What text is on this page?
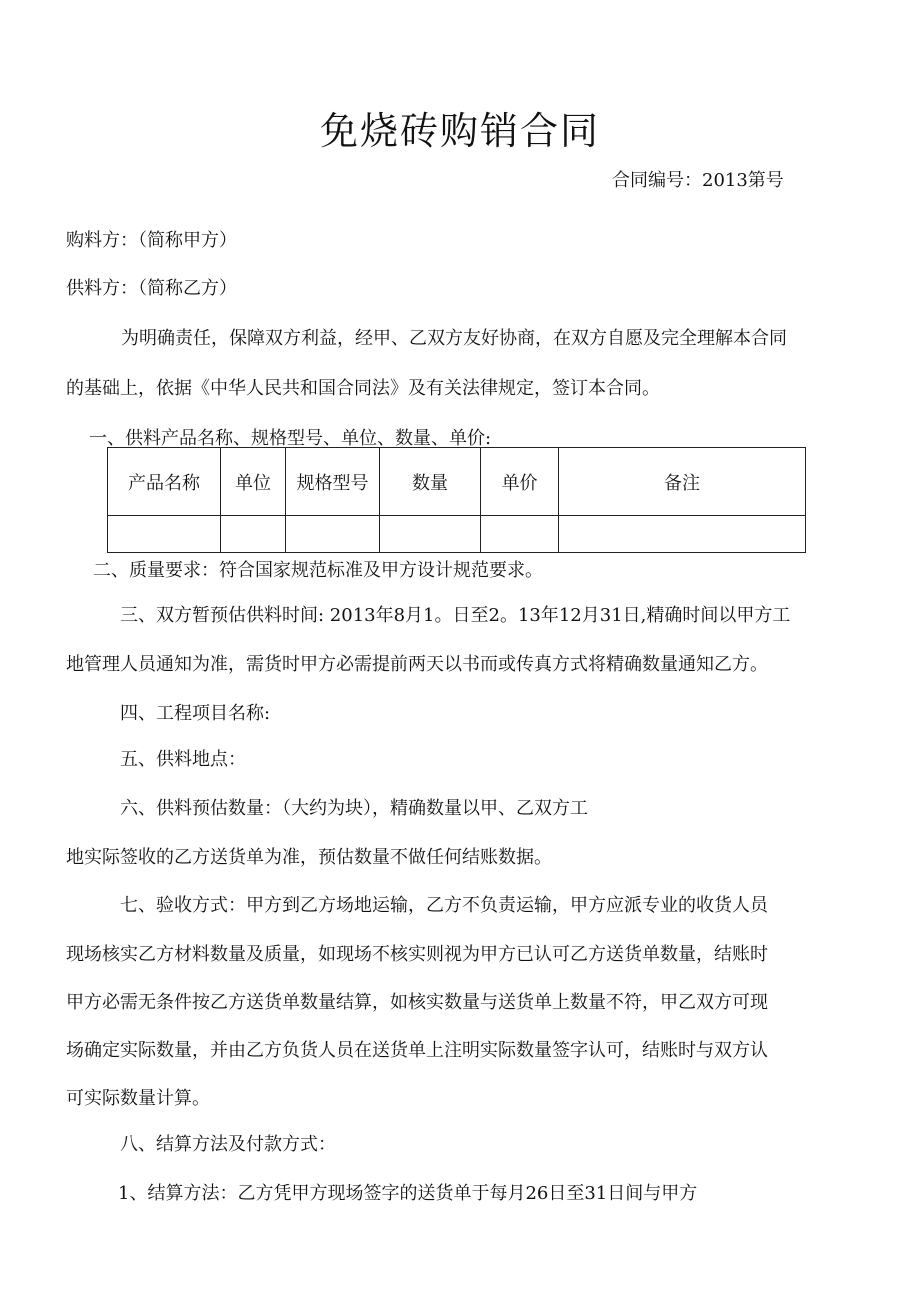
免烧砖购销合同
合同编号：2013第号
购料方：（简称甲方）
供料方：（简称乙方）
为明确责任，保障双方利益，经甲、乙双方友好协商，在双方自愿及完全理解本合同
的基础上，依据《中华人民共和国合同法》及有关法律规定，签订本合同。
一、供料产品名称、规格型号、单位、数量、单价:
产品名称	单位	规格型号	数量	单价	备注

二、质量要求：符合国家规范标准及甲方设计规范要求。
三、双方暂预估供料时间: 2013年8月1。日至2。13年12月31日,精确时间以甲方工
地管理人员通知为准，需货时甲方必需提前两天以书而或传真方式将精确数量通知乙方。
四、工程项目名称:
五、供料地点：
六、供料预估数量：（大约为块），精确数量以甲、乙双方工
地实际签收的乙方送货单为准，预估数量不做任何结账数据。
七、验收方式：甲方到乙方场地运输，乙方不负责运输，甲方应派专业的收货人员
现场核实乙方材料数量及质量，如现场不核实则视为甲方已认可乙方送货单数量，结账时
甲方必需无条件按乙方送货单数量结算，如核实数量与送货单上数量不符，甲乙双方可现
场确定实际数量，并由乙方负货人员在送货单上注明实际数量签字认可，结账时与双方认
可实际数量计算。
八、结算方法及付款方式：
1、结算方法：乙方凭甲方现场签字的送货单于每月26日至31日间与甲方
